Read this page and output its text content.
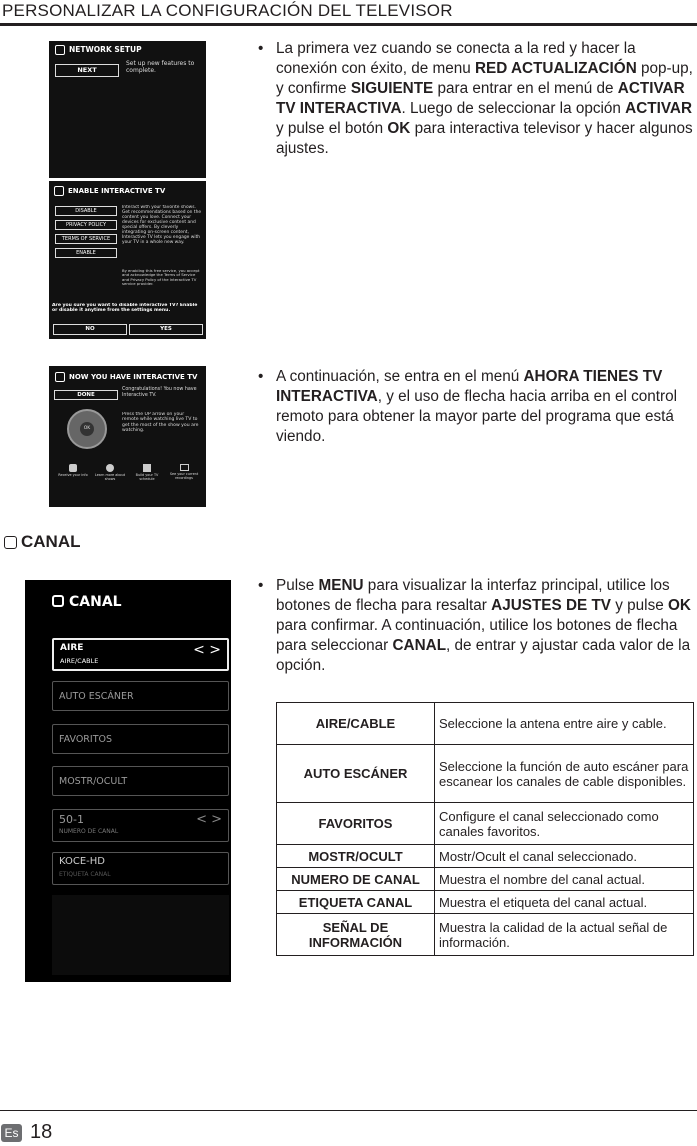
PERSONALIZAR LA CONFIGURACIÓN DEL TELEVISOR
NETWORK SETUP
NEXT
Set up new features to complete.
ENABLE INTERACTIVE TV
DISABLE
PRIVACY POLICY
TERMS OF SERVICE
ENABLE
Interact with your favorite shows. Get recommendations based on the content you love. Connect your devices for exclusive content and special offers. By cleverly integrating on-screen content, Interactive TV lets you engage with your TV in a whole new way.
By enabling this free service, you accept and acknowledge the Terms of Service and Privacy Policy of the Interactive TV service provider.
Are you sure you want to disable interactive TV? Enable or disable it anytime from the settings menu.
NO	YES
• La primera vez cuando se conecta a la red y hacer la conexión con éxito, de menu RED ACTUALIZACIÓN pop-up, y confirme SIGUIENTE para entrar en el menú de ACTIVAR TV INTERACTIVA. Luego de seleccionar la opción ACTIVAR y pulse el botón OK para interactiva televisor y hacer algunos ajustes.
NOW YOU HAVE INTERACTIVE TV
DONE
Congratulations! You now have Interactive TV.
Press the UP arrow on your remote while watching live TV to get the most of the show you are watching.
OK
Receive your info	Learn more about shows
Build your TV schedule
See your current recordings
• A continuación, se entra en el menú AHORA TIENES TV INTERACTIVA, y el uso de flecha hacia arriba en el control remoto para obtener la mayor parte del programa que está viendo.
CANAL
CANAL
AIRE
AIRE/CABLE
< >
AUTO ESCÁNER
FAVORITOS
MOSTR/OCULT
50-1
NUMERO DE CANAL
< >
KOCE-HD
ETIQUETA CANAL
• Pulse MENU para visualizar la interfaz principal, utilice los botones de flecha para resaltar AJUSTES DE TV y pulse OK para confirmar. A continuación, utilice los botones de flecha para seleccionar CANAL, de entrar y ajustar cada valor de la opción.
AIRE/CABLE	Seleccione la antena entre aire y cable.
AUTO ESCÁNER	Seleccione la función de auto escáner para escanear los canales de cable disponibles.
FAVORITOS	Configure el canal seleccionado como canales favoritos.
MOSTR/OCULT	Mostr/Ocult el canal seleccionado.
NUMERO DE CANAL	Muestra el nombre del canal actual.
ETIQUETA CANAL	Muestra el etiqueta del canal actual.
SEÑAL DE INFORMACIÓN	Muestra la calidad de la actual señal de información.
Es 18
